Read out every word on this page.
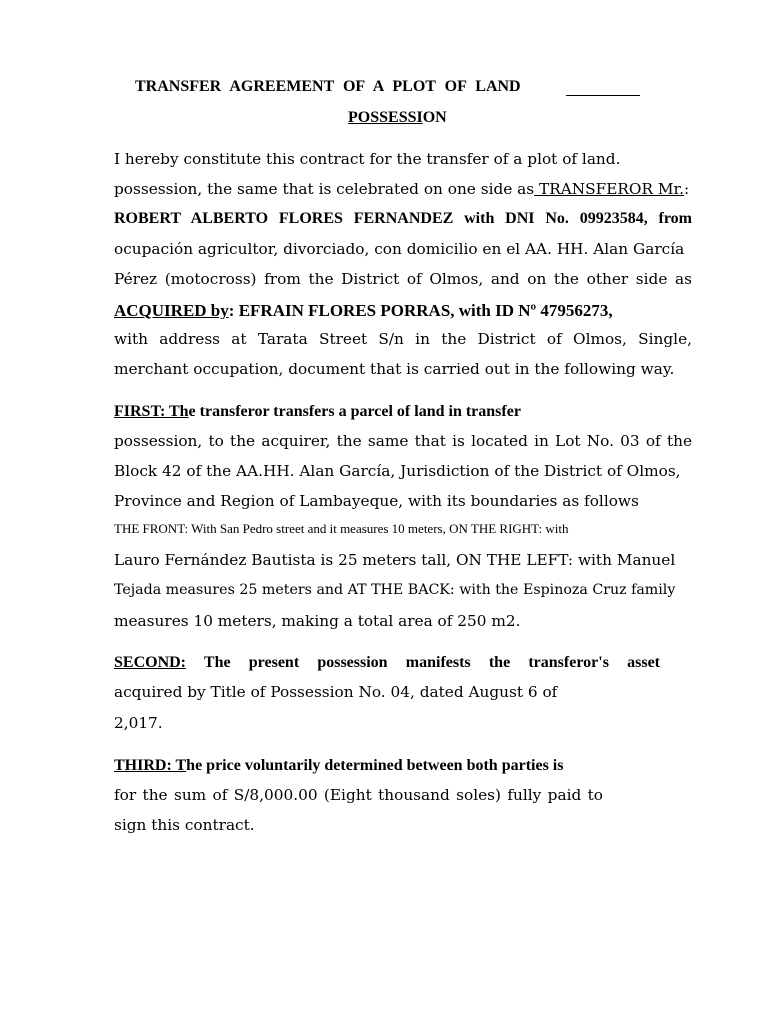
TRANSFER AGREEMENT OF A PLOT OF LAND
POSSESSION
I hereby constitute this contract for the transfer of a plot of land.
possession, the same that is celebrated on one side as TRANSFEROR Mr.:
ROBERT ALBERTO FLORES FERNANDEZ with DNI No. 09923584, from
ocupación agricultor, divorciado, con domicilio en el AA. HH. Alan García
Pérez (motocross) from the District of Olmos, and on the other side as
ACQUIRED by: EFRAIN FLORES PORRAS, with ID Nº 47956273,
with address at Tarata Street S/n in the District of Olmos, Single,
merchant occupation, document that is carried out in the following way.
FIRST: The transferor transfers a parcel of land in transfer
possession, to the acquirer, the same that is located in Lot No. 03 of the
Block 42 of the AA.HH. Alan García, Jurisdiction of the District of Olmos,
Province and Region of Lambayeque, with its boundaries as follows
THE FRONT: With San Pedro street and it measures 10 meters, ON THE RIGHT: with
Lauro Fernández Bautista is 25 meters tall, ON THE LEFT: with Manuel
Tejada measures 25 meters and AT THE BACK: with the Espinoza Cruz family
measures 10 meters, making a total area of 250 m2.
SECOND: The present possession manifests the transferor's asset
acquired by Title of Possession No. 04, dated August 6 of
2,017.
THIRD: The price voluntarily determined between both parties is
for the sum of S/8,000.00 (Eight thousand soles) fully paid to
sign this contract.
